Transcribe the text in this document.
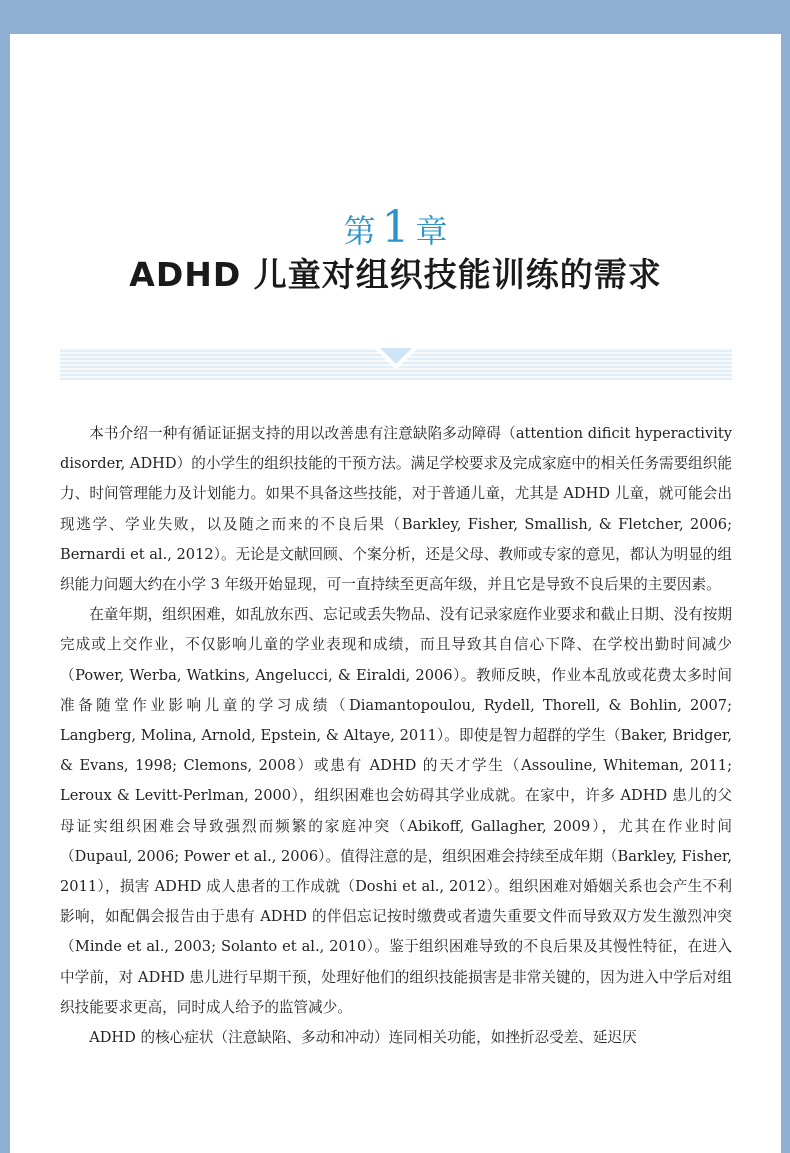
第 1 章
ADHD 儿童对组织技能训练的需求

本书介绍一种有循证证据支持的用以改善患有注意缺陷多动障碍（attention dificit hyperactivity disorder, ADHD）的小学生的组织技能的干预方法。满足学校要求及完成家庭中的相关任务需要组织能力、时间管理能力及计划能力。如果不具备这些技能，对于普通儿童，尤其是 ADHD 儿童，就可能会出现逃学、学业失败，以及随之而来的不良后果（Barkley, Fisher, Smallish, & Fletcher, 2006; Bernardi et al., 2012）。无论是文献回顾、个案分析，还是父母、教师或专家的意见，都认为明显的组织能力问题大约在小学 3 年级开始显现，可一直持续至更高年级，并且它是导致不良后果的主要因素。

在童年期，组织困难，如乱放东西、忘记或丢失物品、没有记录家庭作业要求和截止日期、没有按期完成或上交作业，不仅影响儿童的学业表现和成绩，而且导致其自信心下降、在学校出勤时间减少（Power, Werba, Watkins, Angelucci, & Eiraldi, 2006）。教师反映，作业本乱放或花费太多时间准备随堂作业影响儿童的学习成绩（Diamantopoulou, Rydell, Thorell, & Bohlin, 2007; Langberg, Molina, Arnold, Epstein, & Altaye, 2011）。即使是智力超群的学生（Baker, Bridger, & Evans, 1998; Clemons, 2008）或患有 ADHD 的天才学生（Assouline, Whiteman, 2011; Leroux & Levitt-Perlman, 2000），组织困难也会妨碍其学业成就。在家中，许多 ADHD 患儿的父母证实组织困难会导致强烈而频繁的家庭冲突（Abikoff, Gallagher, 2009），尤其在作业时间（Dupaul, 2006; Power et al., 2006）。值得注意的是，组织困难会持续至成年期（Barkley, Fisher, 2011），损害 ADHD 成人患者的工作成就（Doshi et al., 2012）。组织困难对婚姻关系也会产生不利影响，如配偶会报告由于患有 ADHD 的伴侣忘记按时缴费或者遗失重要文件而导致双方发生激烈冲突（Minde et al., 2003; Solanto et al., 2010）。鉴于组织困难导致的不良后果及其慢性特征，在进入中学前，对 ADHD 患儿进行早期干预，处理好他们的组织技能损害是非常关键的，因为进入中学后对组织技能要求更高，同时成人给予的监管减少。

ADHD 的核心症状（注意缺陷、多动和冲动）连同相关功能，如挫折忍受差、延迟厌
